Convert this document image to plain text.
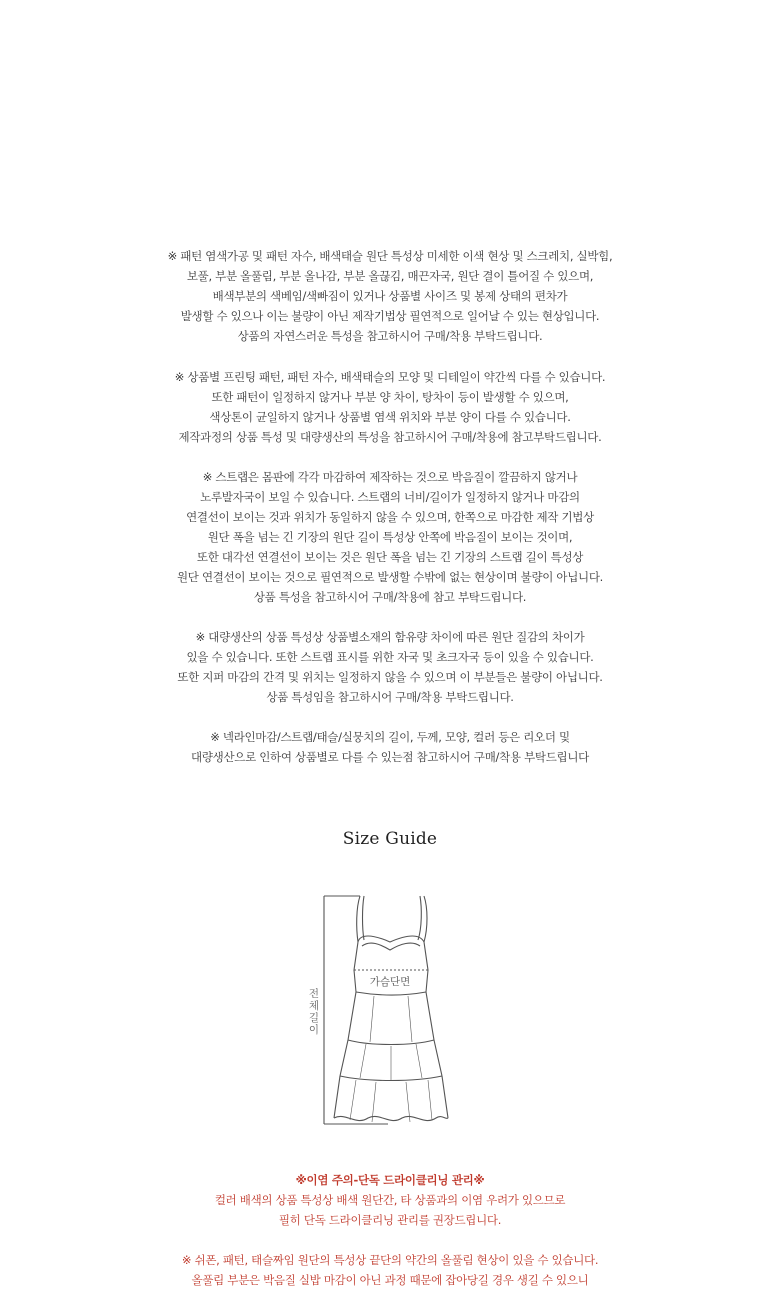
※ 패턴 염색가공 및 패턴 자수, 배색태슬 원단 특성상 미세한 이색 현상 및 스크레치, 실박힘,

보풀, 부분 올풀림, 부분 올나감, 부분 올끊김, 매끈자국, 원단 결이 틀어질 수 있으며,

배색부분의 색베임/색빠짐이 있거나 상품별 사이즈 및 봉제 상태의 편차가

발생할 수 있으나 이는 불량이 아닌 제작기법상 필연적으로 일어날 수 있는 현상입니다.

상품의 자연스러운 특성을 참고하시어 구매/착용 부탁드립니다.

※ 상품별 프린팅 패턴, 패턴 자수, 배색태슬의 모양 및 디테일이 약간씩 다를 수 있습니다.

또한 패턴이 일정하지 않거나 부분 양 차이, 탕차이 등이 발생할 수 있으며,

색상톤이 균일하지 않거나 상품별 염색 위치와 부분 양이 다를 수 있습니다.

제작과정의 상품 특성 및 대량생산의 특성을 참고하시어 구매/착용에 참고부탁드립니다.

※ 스트랩은 몸판에 각각 마감하여 제작하는 것으로 박음질이 깔끔하지 않거나

노루발자국이 보일 수 있습니다. 스트랩의 너비/길이가 일정하지 않거나 마감의

연결선이 보이는 것과 위치가 동일하지 않을 수 있으며, 한쪽으로 마감한 제작 기법상

원단 폭을 넘는 긴 기장의 원단 길이 특성상 안쪽에 박음질이 보이는 것이며,

또한 대각선 연결선이 보이는 것은 원단 폭을 넘는 긴 기장의 스트랩 길이 특성상

원단 연결선이 보이는 것으로 필연적으로 발생할 수밖에 없는 현상이며 불량이 아닙니다.

상품 특성을 참고하시어 구매/착용에 참고 부탁드립니다.

※ 대량생산의 상품 특성상 상품별소재의 함유량 차이에 따른 원단 질감의 차이가

있을 수 있습니다. 또한 스트랩 표시를 위한 자국 및 초크자국 등이 있을 수 있습니다.

또한 지퍼 마감의 간격 및 위치는 일정하지 않을 수 있으며 이 부분들은 불량이 아닙니다.

상품 특성임을 참고하시어 구매/착용 부탁드립니다.

※ 넥라인마감/스트랩/태슬/실뭉치의 길이, 두께, 모양, 컬러 등은 리오더 및

대량생산으로 인하여 상품별로 다를 수 있는점 참고하시어 구매/착용 부탁드립니다

Size Guide
가슴단면
전체길이

※이염 주의-단독 드라이클리닝 관리※

컬러 배색의 상품 특성상 배색 원단간, 타 상품과의 이염 우려가 있으므로

필히 단독 드라이클리닝 관리를 권장드립니다.

※ 쉬폰, 패턴, 태슬짜임 원단의 특성상 끝단의 약간의 올풀림 현상이 있을 수 있습니다.

올풀림 부분은 박음질 실밥 마감이 아닌 과정 때문에 잡아당길 경우 생길 수 있으니
